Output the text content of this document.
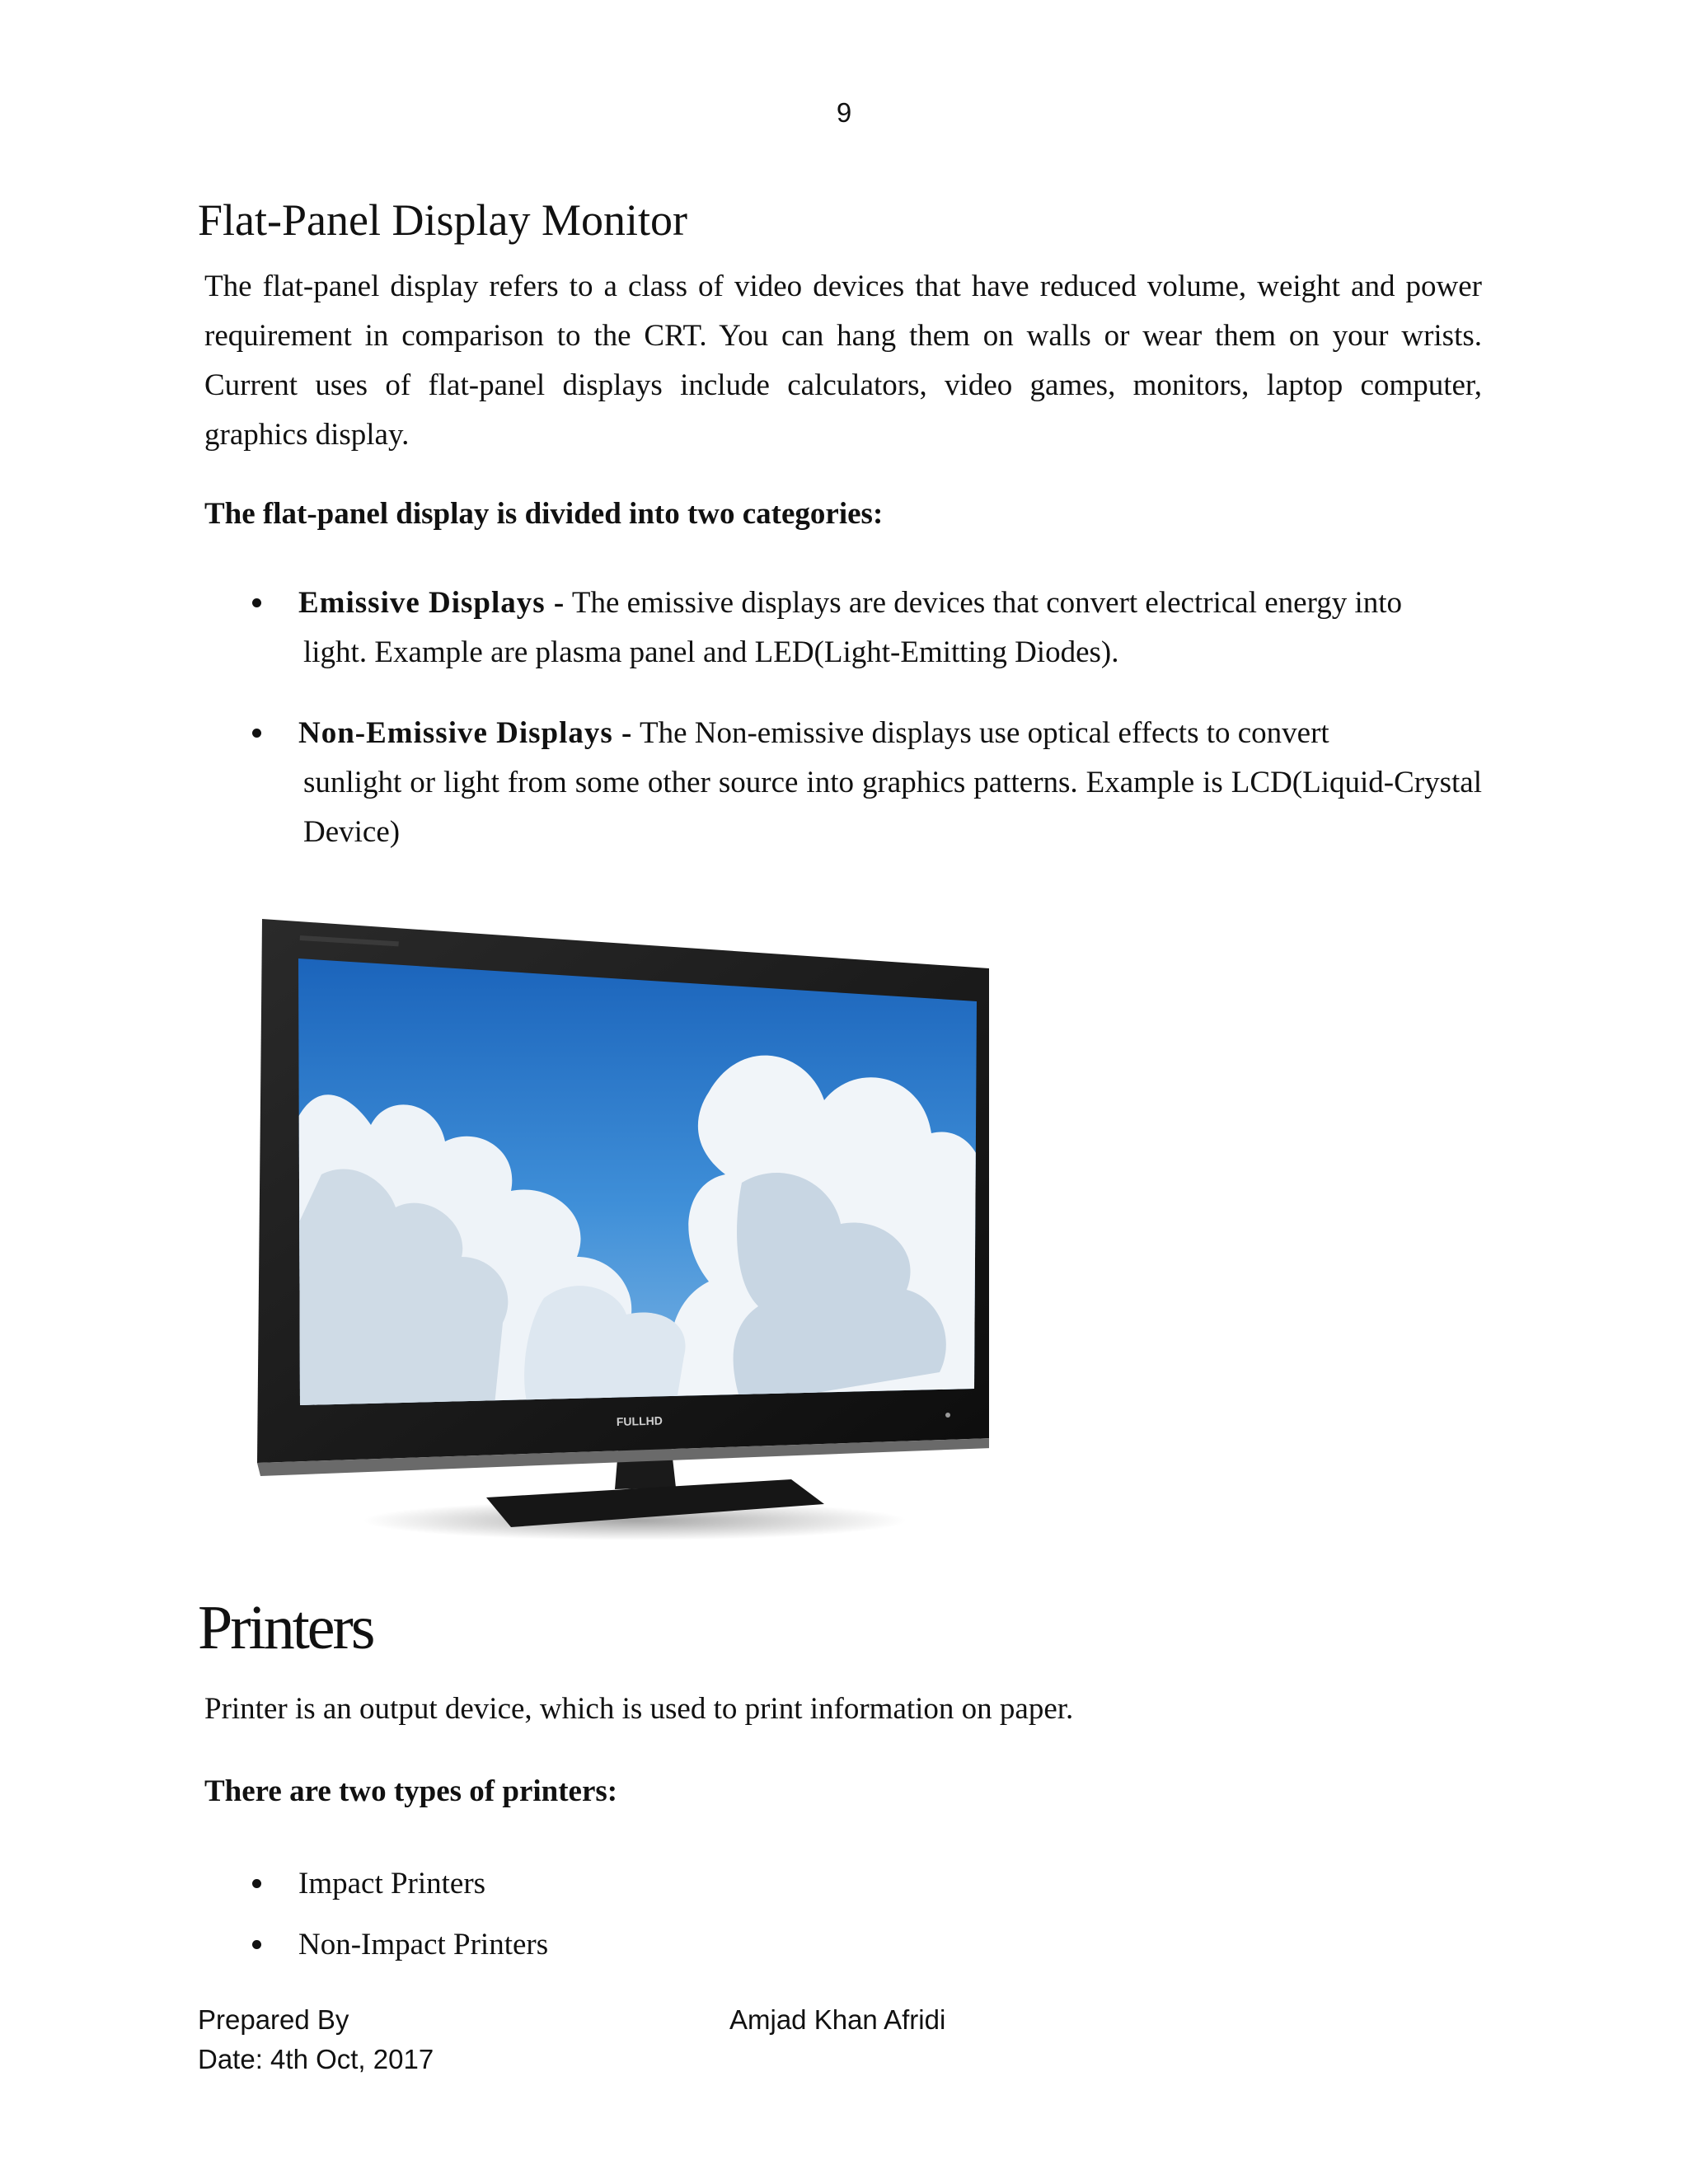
9
Flat-Panel Display Monitor

The flat-panel display refers to a class of video devices that have reduced volume, weight and power requirement in comparison to the CRT. You can hang them on walls or wear them on your wrists. Current uses of flat-panel displays include calculators, video games, monitors, laptop computer, graphics display.

The flat-panel display is divided into two categories:

Emissive Displays - The emissive displays are devices that convert electrical energy into
light. Example are plasma panel and LED(Light-Emitting Diodes).
Non-Emissive Displays - The Non-emissive displays use optical effects to convert
sunlight or light from some other source into graphics patterns. Example is LCD(Liquid-Crystal Device)
FULLHD
Printers

Printer is an output device, which is used to print information on paper.

There are two types of printers:

Impact Printers
Non-Impact Printers

Prepared By	Amjad Khan Afridi

Date: 4th Oct, 2017
